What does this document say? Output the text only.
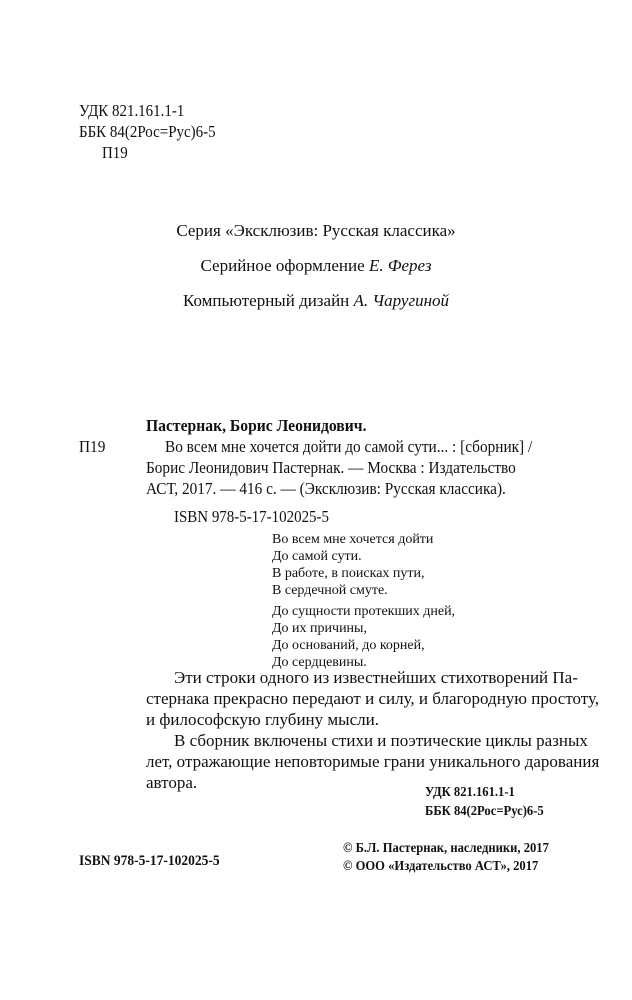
УДК 821.161.1-1
ББК 84(2Рос=Рус)6-5
П19
Серия «Эксклюзив: Русская классика»
Серийное оформление Е. Ферез
Компьютерный дизайн А. Чаругиной
Пастернак, Борис Леонидович.
П19	Во всем мне хочется дойти до самой сути... : [сборник] /
Борис Леонидович Пастернак. — Москва : Издательство
АСТ, 2017. — 416 с. — (Эксклюзив: Русская классика).
ISBN 978-5-17-102025-5
Во всем мне хочется дойти
До самой сути.
В работе, в поисках пути,
В сердечной смуте.
До сущности протекших дней,
До их причины,
До оснований, до корней,
До сердцевины.
Эти строки одного из известнейших стихотворений Па-
стернака прекрасно передают и силу, и благородную простоту,
и философскую глубину мысли.
В сборник включены стихи и поэтические циклы разных
лет, отражающие неповторимые грани уникального дарования
автора.
УДК 821.161.1-1
ББК 84(2Рос=Рус)6-5
ISBN 978-5-17-102025-5
© Б.Л. Пастернак, наследники, 2017
© ООО «Издательство АСТ», 2017
